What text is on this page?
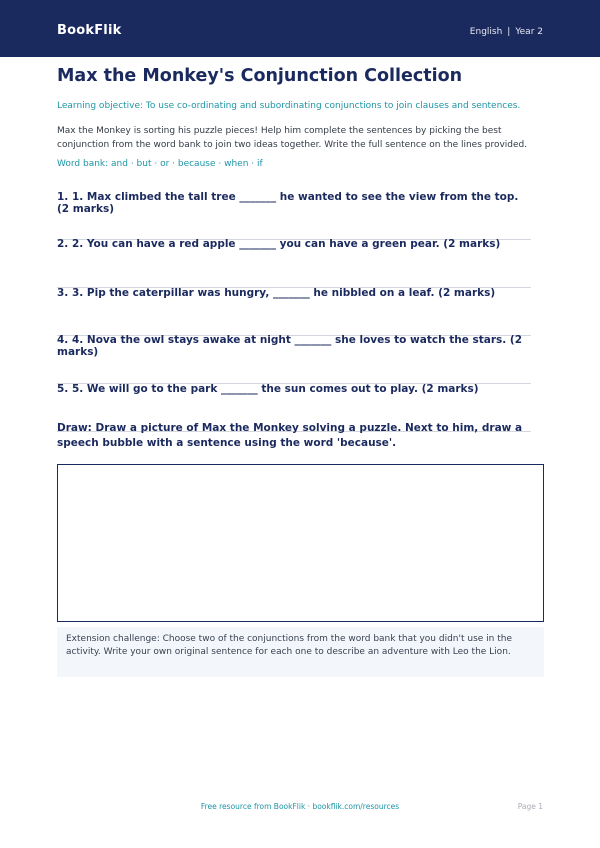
BookFlik	English | Year 2
Max the Monkey's Conjunction Collection
Learning objective: To use co-ordinating and subordinating conjunctions to join clauses and sentences.
Max the Monkey is sorting his puzzle pieces! Help him complete the sentences by picking the best conjunction from the word bank to join two ideas together. Write the full sentence on the lines provided.
Word bank: and · but · or · because · when · if
1. 1. Max climbed the tall tree _______ he wanted to see the view from the top. (2 marks)
2. 2. You can have a red apple _______ you can have a green pear. (2 marks)
3. 3. Pip the caterpillar was hungry, _______ he nibbled on a leaf. (2 marks)
4. 4. Nova the owl stays awake at night _______ she loves to watch the stars. (2 marks)
5. 5. We will go to the park _______ the sun comes out to play. (2 marks)
Draw: Draw a picture of Max the Monkey solving a puzzle. Next to him, draw a speech bubble with a sentence using the word 'because'.
Extension challenge: Choose two of the conjunctions from the word bank that you didn't use in the activity. Write your own original sentence for each one to describe an adventure with Leo the Lion.
Free resource from BookFlik · bookflik.com/resources	Page 1
